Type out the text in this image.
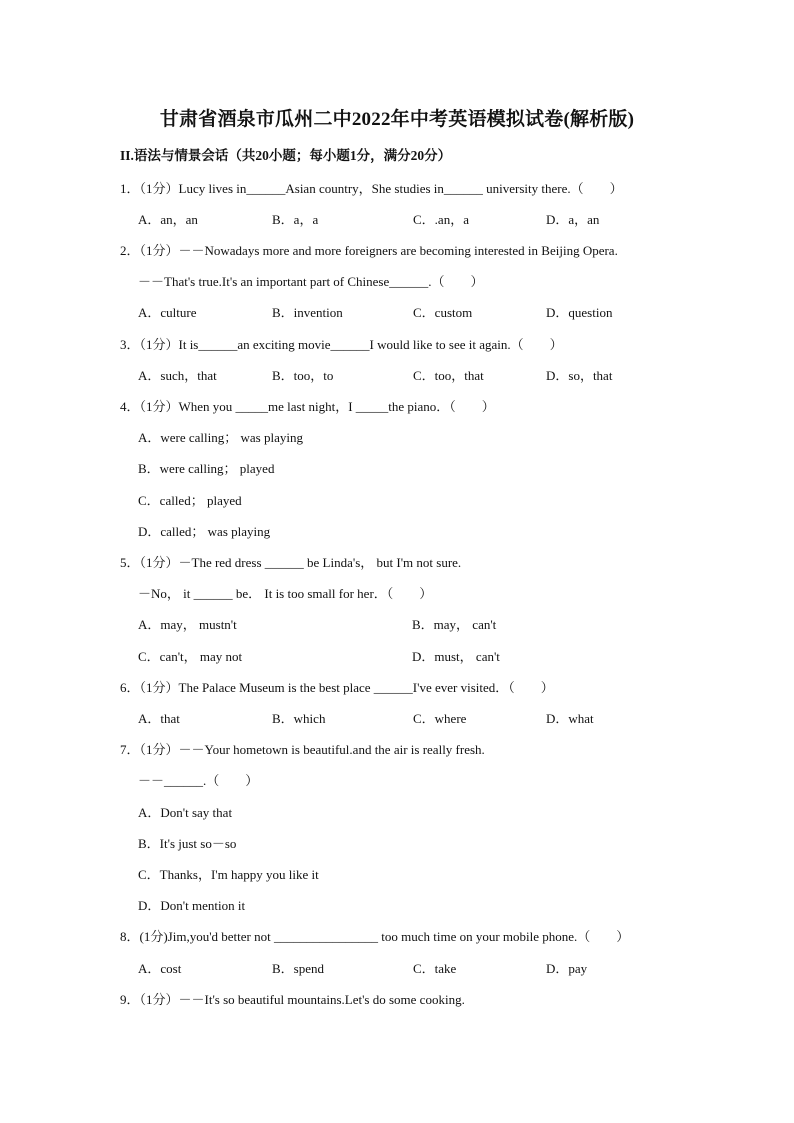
甘肃省酒泉市瓜州二中2022年中考英语模拟试卷(解析版)
II.语法与情景会话（共20小题；每小题1分，满分20分）
1．（1分）Lucy lives in______Asian country，She studies in______ university there.（　　）
A．an，an	B．a，a	C．.an，a	D．a，an
2．（1分）－－Nowadays more and more foreigners are becoming interested in Beijing Opera.
－－That's true.It's an important part of Chinese______.（　　）
A．culture	B．invention	C．custom	D．question
3．（1分）It is______an exciting movie______I would like to see it again.（　　）
A．such，that	B．too，to	C．too，that	D．so，that
4．（1分）When you _____me last night，I _____the piano．（　　）
A．were calling； was playing
B．were calling； played
C．called； played
D．called； was playing
5．（1分）－The red dress ______ be Linda's， but I'm not sure.
－No， it ______ be． It is too small for her．（　　）
A．may， mustn't	B．may， can't
C．can't， may not	D．must， can't
6．（1分）The Palace Museum is the best place ______I've ever visited．（　　）
A．that	B．which	C．where	D．what
7．（1分）－－Your hometown is beautiful.and the air is really fresh.
－－______.（　　）
A．Don't say that
B．It's just so－so
C．Thanks，I'm happy you like it
D．Don't mention it
8．(1分)Jim,you'd better not ________________ too much time on your mobile phone.（　　）
A．cost	B．spend	C．take	D．pay
9．（1分）－－It's so beautiful mountains.Let's do some cooking.
